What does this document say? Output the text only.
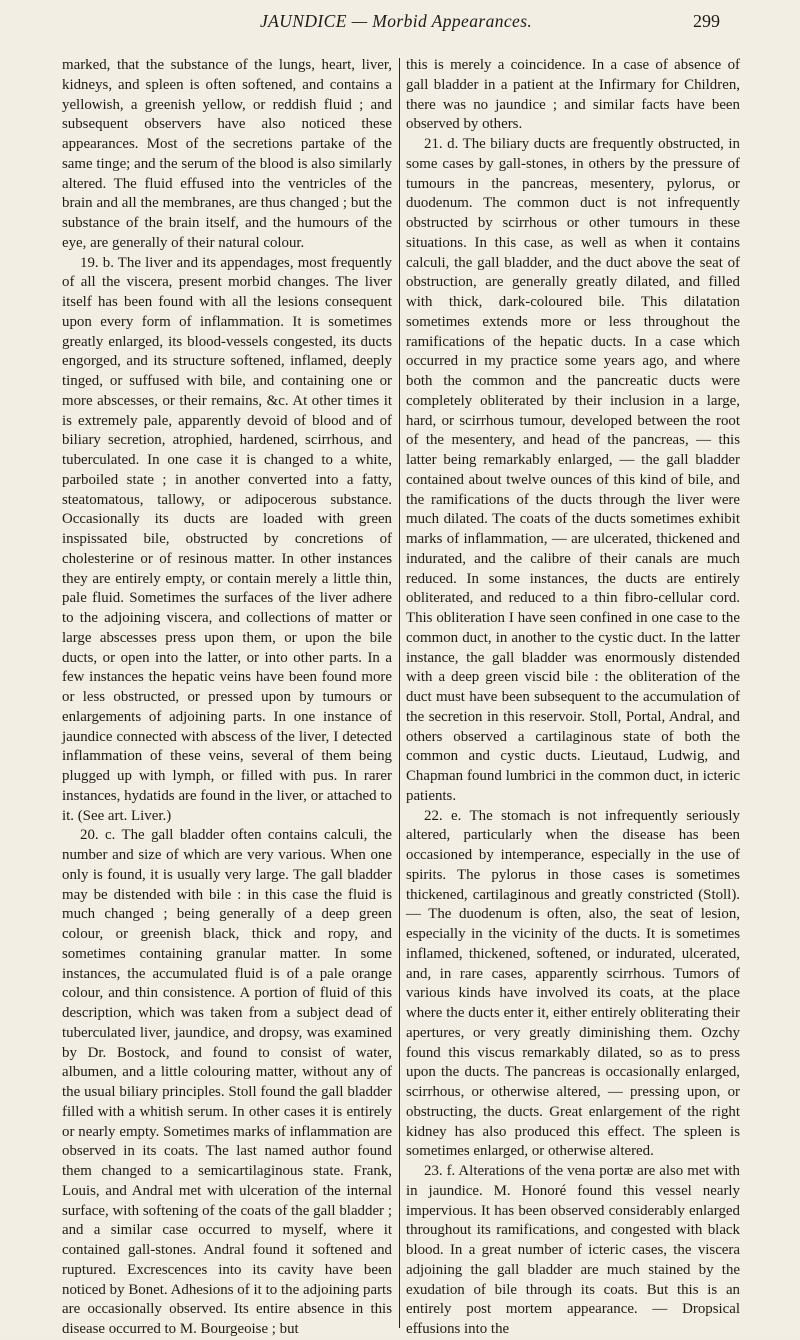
JAUNDICE — Morbid Appearances.	299

marked, that the substance of the lungs, heart, liver, kidneys, and spleen is often softened, and contains a yellowish, a greenish yellow, or reddish fluid ; and subsequent observers have also noticed these appearances. Most of the secretions partake of the same tinge; and the serum of the blood is also similarly altered. The fluid effused into the ventricles of the brain and all the membranes, are thus changed ; but the substance of the brain itself, and the humours of the eye, are generally of their natural colour.

19. b. The liver and its appendages, most frequently of all the viscera, present morbid changes. The liver itself has been found with all the lesions consequent upon every form of inflammation. It is sometimes greatly enlarged, its blood-vessels congested, its ducts engorged, and its structure softened, inflamed, deeply tinged, or suffused with bile, and containing one or more abscesses, or their remains, &c. At other times it is extremely pale, apparently devoid of blood and of biliary secretion, atrophied, hardened, scirrhous, and tuberculated. In one case it is changed to a white, parboiled state ; in another converted into a fatty, steatomatous, tallowy, or adipocerous substance. Occasionally its ducts are loaded with green inspissated bile, obstructed by concretions of cholesterine or of resinous matter. In other instances they are entirely empty, or contain merely a little thin, pale fluid. Sometimes the surfaces of the liver adhere to the adjoining viscera, and collections of matter or large abscesses press upon them, or upon the bile ducts, or open into the latter, or into other parts. In a few instances the hepatic veins have been found more or less obstructed, or pressed upon by tumours or enlargements of adjoining parts. In one instance of jaundice connected with abscess of the liver, I detected inflammation of these veins, several of them being plugged up with lymph, or filled with pus. In rarer instances, hydatids are found in the liver, or attached to it. (See art. Liver.)

20. c. The gall bladder often contains calculi, the number and size of which are very various. When one only is found, it is usually very large. The gall bladder may be distended with bile : in this case the fluid is much changed ; being generally of a deep green colour, or greenish black, thick and ropy, and sometimes containing granular matter. In some instances, the accumulated fluid is of a pale orange colour, and thin consistence. A portion of fluid of this description, which was taken from a subject dead of tuberculated liver, jaundice, and dropsy, was examined by Dr. Bostock, and found to consist of water, albumen, and a little colouring matter, without any of the usual biliary principles. Stoll found the gall bladder filled with a whitish serum. In other cases it is entirely or nearly empty. Sometimes marks of inflammation are observed in its coats. The last named author found them changed to a semicartilaginous state. Frank, Louis, and Andral met with ulceration of the internal surface, with softening of the coats of the gall bladder ; and a similar case occurred to myself, where it contained gall-stones. Andral found it softened and ruptured. Excrescences into its cavity have been noticed by Bonet. Adhesions of it to the adjoining parts are occasionally observed. Its entire absence in this disease occurred to M. Bourgeoise ; but

this is merely a coincidence. In a case of absence of gall bladder in a patient at the Infirmary for Children, there was no jaundice ; and similar facts have been observed by others.

21. d. The biliary ducts are frequently obstructed, in some cases by gall-stones, in others by the pressure of tumours in the pancreas, mesentery, pylorus, or duodenum. The common duct is not infrequently obstructed by scirrhous or other tumours in these situations. In this case, as well as when it contains calculi, the gall bladder, and the duct above the seat of obstruction, are generally greatly dilated, and filled with thick, dark-coloured bile. This dilatation sometimes extends more or less throughout the ramifications of the hepatic ducts. In a case which occurred in my practice some years ago, and where both the common and the pancreatic ducts were completely obliterated by their inclusion in a large, hard, or scirrhous tumour, developed between the root of the mesentery, and head of the pancreas, — this latter being remarkably enlarged, — the gall bladder contained about twelve ounces of this kind of bile, and the ramifications of the ducts through the liver were much dilated. The coats of the ducts sometimes exhibit marks of inflammation, — are ulcerated, thickened and indurated, and the calibre of their canals are much reduced. In some instances, the ducts are entirely obliterated, and reduced to a thin fibro-cellular cord. This obliteration I have seen confined in one case to the common duct, in another to the cystic duct. In the latter instance, the gall bladder was enormously distended with a deep green viscid bile : the obliteration of the duct must have been subsequent to the accumulation of the secretion in this reservoir. Stoll, Portal, Andral, and others observed a cartilaginous state of both the common and cystic ducts. Lieutaud, Ludwig, and Chapman found lumbrici in the common duct, in icteric patients.

22. e. The stomach is not infrequently seriously altered, particularly when the disease has been occasioned by intemperance, especially in the use of spirits. The pylorus in those cases is sometimes thickened, cartilaginous and greatly constricted (Stoll). — The duodenum is often, also, the seat of lesion, especially in the vicinity of the ducts. It is sometimes inflamed, thickened, softened, or indurated, ulcerated, and, in rare cases, apparently scirrhous. Tumors of various kinds have involved its coats, at the place where the ducts enter it, either entirely obliterating their apertures, or very greatly diminishing them. Ozchy found this viscus remarkably dilated, so as to press upon the ducts. The pancreas is occasionally enlarged, scirrhous, or otherwise altered, — pressing upon, or obstructing, the ducts. Great enlargement of the right kidney has also produced this effect. The spleen is sometimes enlarged, or otherwise altered.

23. f. Alterations of the vena portæ are also met with in jaundice. M. Honoré found this vessel nearly impervious. It has been observed considerably enlarged throughout its ramifications, and congested with black blood. In a great number of icteric cases, the viscera adjoining the gall bladder are much stained by the exudation of bile through its coats. But this is an entirely post mortem appearance. — Dropsical effusions into the
